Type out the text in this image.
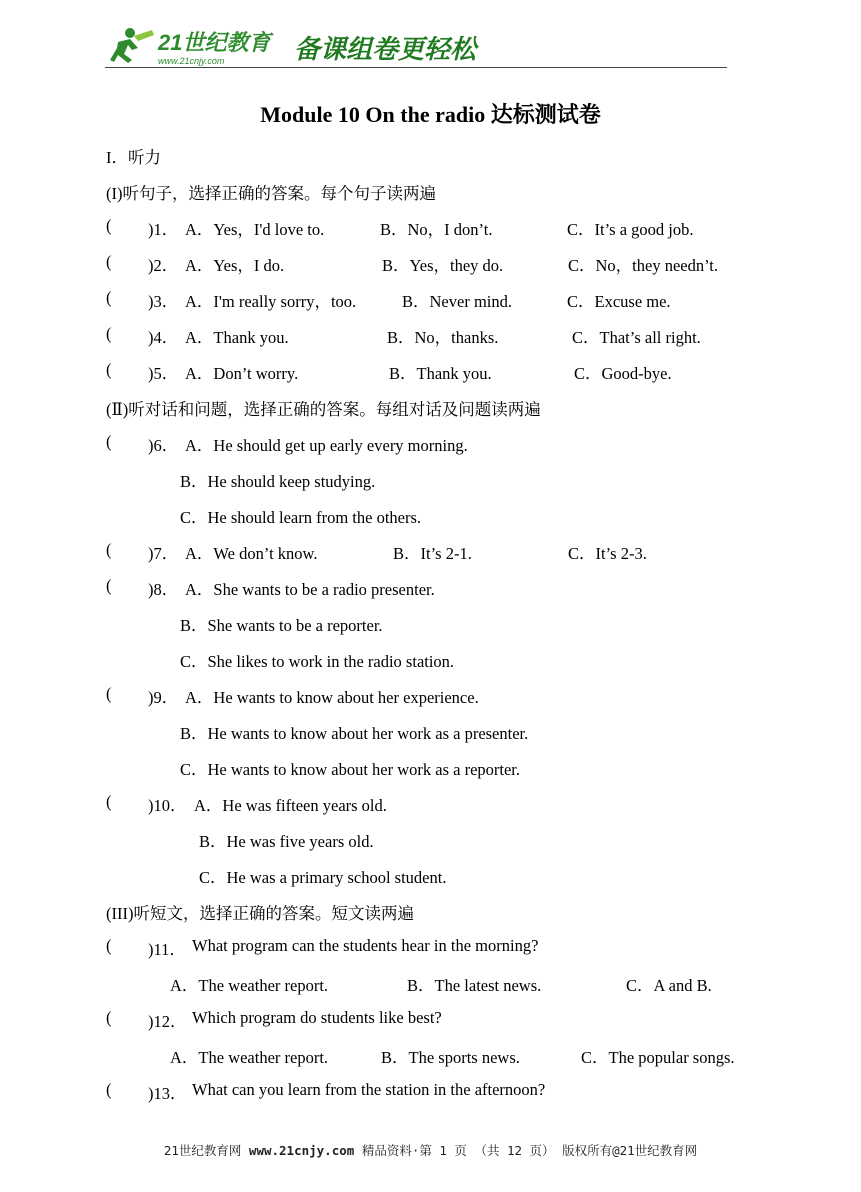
21世纪教育
www.21cnjy.com	备课组卷更轻松
Module 10 On the radio 达标测试卷
I．听力
(I)听句子，选择正确的答案。每个句子读两遍
( )1． A．Yes，I'd love to.	B．No，I don’t.	C．It’s a good job.
( )2． A．Yes，I do.	B．Yes，they do.	C．No，they needn’t.
( )3． A．I'm really sorry，too.	B．Never mind.	C．Excuse me.
( )4． A．Thank you.	B．No，thanks.	C．That’s all right.
( )5． A．Don’t worry.	B．Thank you.	C．Good-bye.
(Ⅱ)听对话和问题，选择正确的答案。每组对话及问题读两遍
( )6． A．He should get up early every morning.
B．He should keep studying.
C．He should learn from the others.
( )7． A．We don’t know.	B．It’s 2-1.	C．It’s 2-3.
( )8． A．She wants to be a radio presenter.
B．She wants to be a reporter.
C．She likes to work in the radio station.
( )9． A．He wants to know about her experience.
B．He wants to know about her work as a presenter.
C．He wants to know about her work as a reporter.
( )10． A．He was fifteen years old.
B．He was five years old.
C．He was a primary school student.
(III)听短文，选择正确的答案。短文读两遍
( )11． What program can the students hear in the morning?
A．The weather report.	B．The latest news.	C．A and B.
( )12． Which program do students like best?
A．The weather report.	B．The sports news.	C．The popular songs.
( )13． What can you learn from the station in the afternoon?
21世纪教育网 www.21cnjy.com 精品资料·第 1 页 （共 12 页） 版权所有@21世纪教育网
